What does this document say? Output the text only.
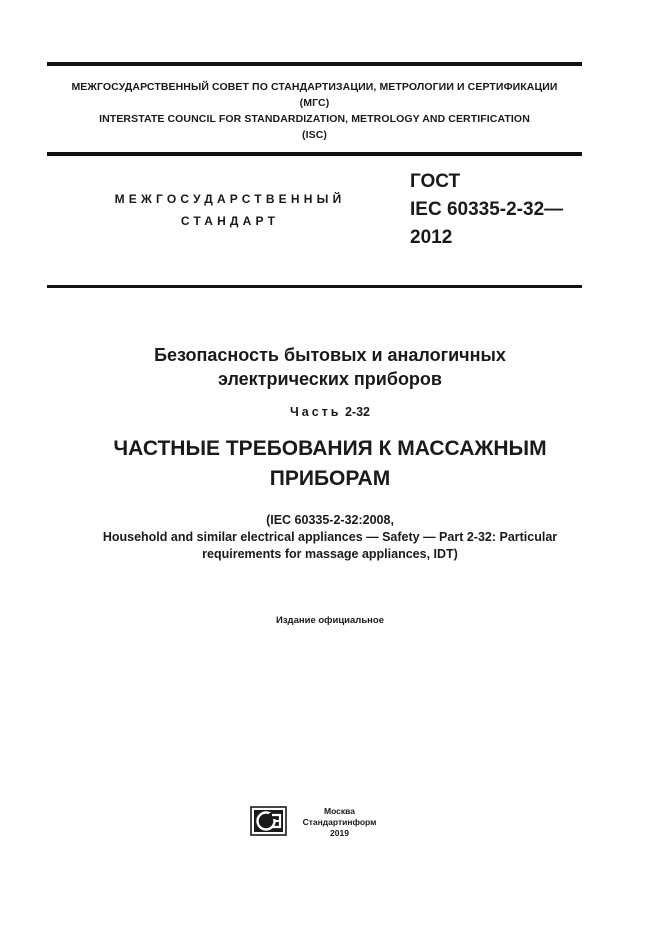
МЕЖГОСУДАРСТВЕННЫЙ СОВЕТ ПО СТАНДАРТИЗАЦИИ, МЕТРОЛОГИИ И СЕРТИФИКАЦИИ
(МГС)
INTERSTATE COUNCIL FOR STANDARDIZATION, METROLOGY AND CERTIFICATION
(ISC)
МЕЖГОСУДАРСТВЕННЫЙ
СТАНДАРТ
ГОСТ
IEC 60335-2-32—
2012
Безопасность бытовых и аналогичных
электрических приборов
Часть 2-32
ЧАСТНЫЕ ТРЕБОВАНИЯ К МАССАЖНЫМ
ПРИБОРАМ
(IEC 60335-2-32:2008,
Household and similar electrical appliances — Safety — Part 2-32: Particular
requirements for massage appliances, IDT)
Издание официальное
Москва
Стандартинформ
2019
